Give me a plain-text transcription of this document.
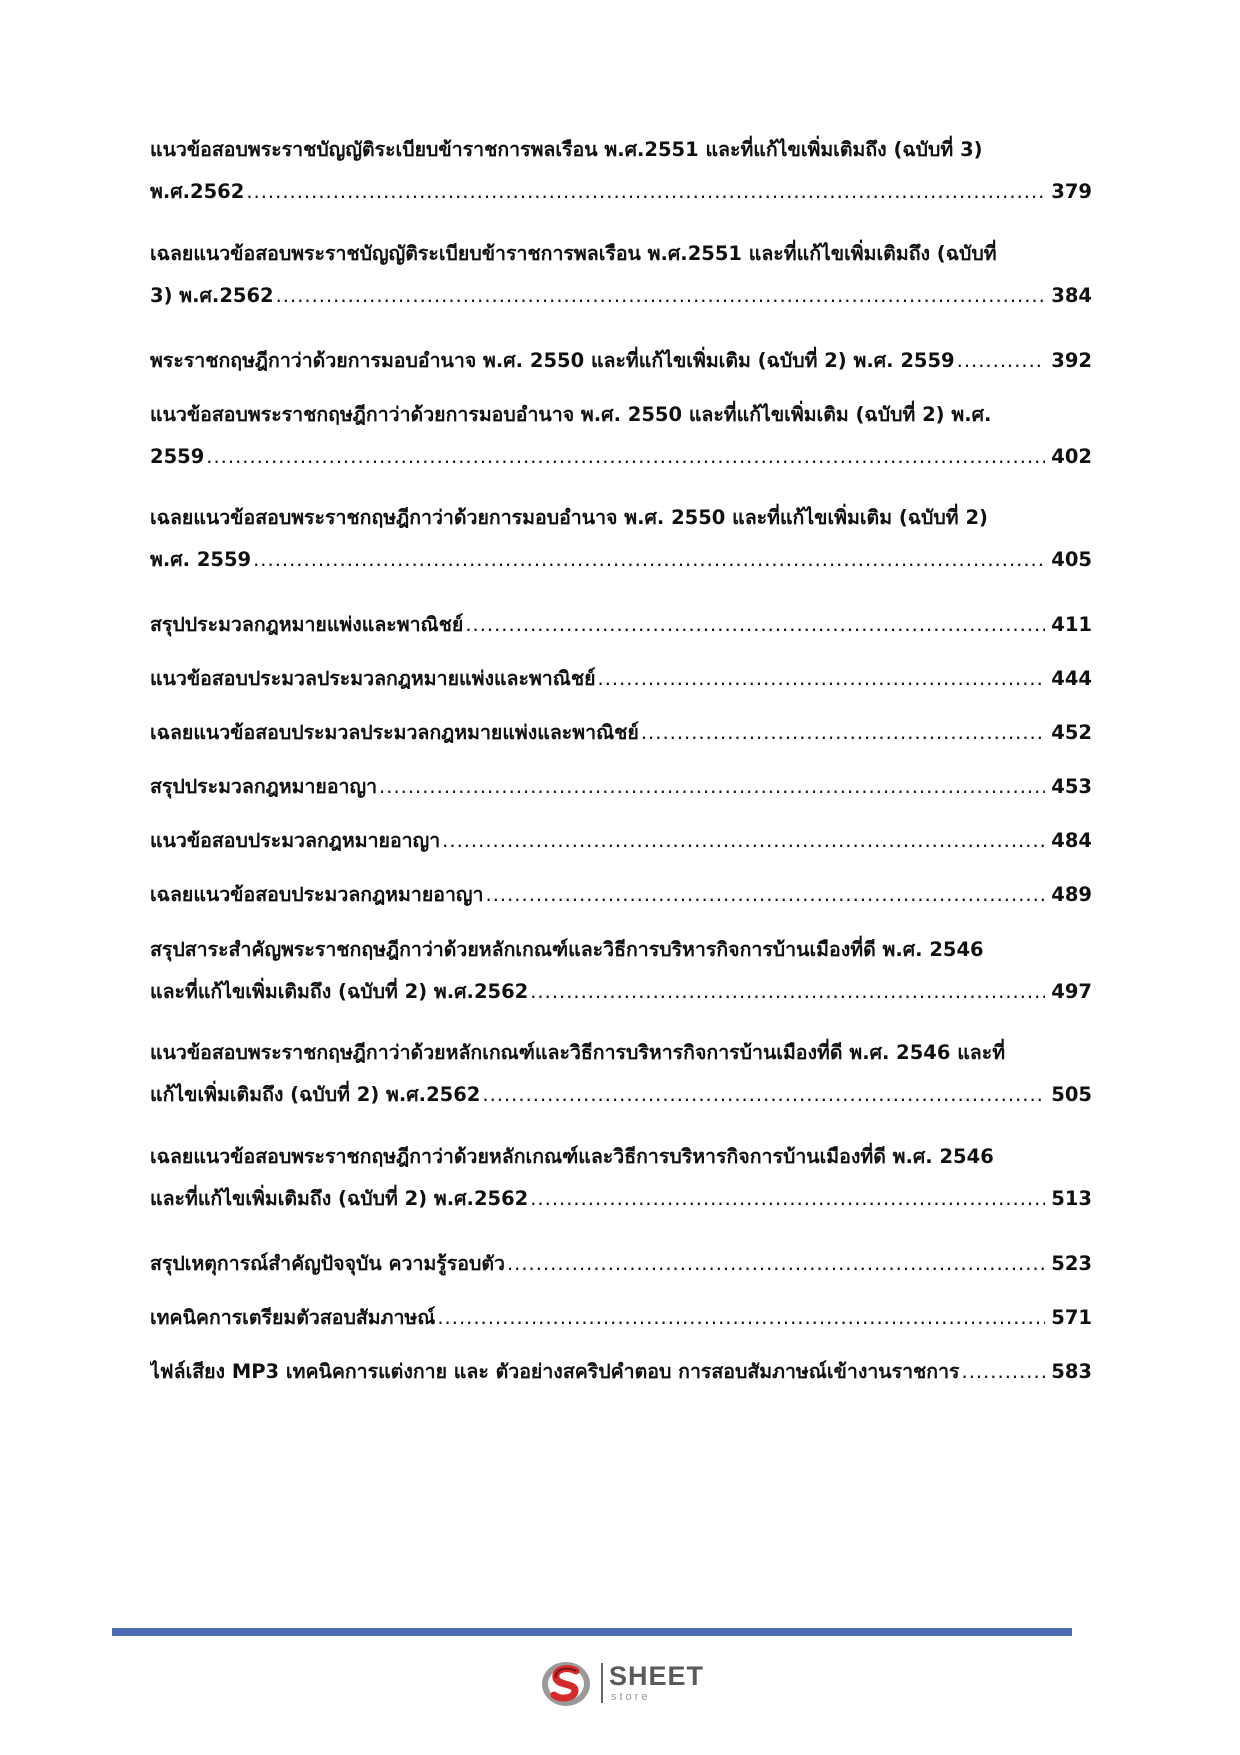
แนวข้อสอบพระราชบัญญัติระเบียบข้าราชการพลเรือน พ.ศ.2551 และที่แก้ไขเพิ่มเติมถึง (ฉบับที่ 3)
พ.ศ.2562 .....	379
เฉลยแนวข้อสอบพระราชบัญญัติระเบียบข้าราชการพลเรือน พ.ศ.2551 และที่แก้ไขเพิ่มเติมถึง (ฉบับที่
3) พ.ศ.2562 .....	384
พระราชกฤษฎีกาว่าด้วยการมอบอำนาจ พ.ศ. 2550 และที่แก้ไขเพิ่มเติม (ฉบับที่ 2) พ.ศ. 2559 .....	392
แนวข้อสอบพระราชกฤษฎีกาว่าด้วยการมอบอำนาจ พ.ศ. 2550 และที่แก้ไขเพิ่มเติม (ฉบับที่ 2) พ.ศ.
2559 .....	402
เฉลยแนวข้อสอบพระราชกฤษฎีกาว่าด้วยการมอบอำนาจ พ.ศ. 2550 และที่แก้ไขเพิ่มเติม (ฉบับที่ 2)
พ.ศ. 2559 .....	405
สรุปประมวลกฎหมายแพ่งและพาณิชย์ .....	411
แนวข้อสอบประมวลประมวลกฎหมายแพ่งและพาณิชย์ .....	444
เฉลยแนวข้อสอบประมวลประมวลกฎหมายแพ่งและพาณิชย์ .....	452
สรุปประมวลกฎหมายอาญา .....	453
แนวข้อสอบประมวลกฎหมายอาญา .....	484
เฉลยแนวข้อสอบประมวลกฎหมายอาญา .....	489
สรุปสาระสำคัญพระราชกฤษฎีกาว่าด้วยหลักเกณฑ์และวิธีการบริหารกิจการบ้านเมืองที่ดี พ.ศ. 2546
และที่แก้ไขเพิ่มเติมถึง (ฉบับที่ 2) พ.ศ.2562 .....	497
แนวข้อสอบพระราชกฤษฎีกาว่าด้วยหลักเกณฑ์และวิธีการบริหารกิจการบ้านเมืองที่ดี พ.ศ. 2546 และที่
แก้ไขเพิ่มเติมถึง (ฉบับที่ 2) พ.ศ.2562 .....	505
เฉลยแนวข้อสอบพระราชกฤษฎีกาว่าด้วยหลักเกณฑ์และวิธีการบริหารกิจการบ้านเมืองที่ดี พ.ศ. 2546
และที่แก้ไขเพิ่มเติมถึง (ฉบับที่ 2) พ.ศ.2562 .....	513
สรุปเหตุการณ์สำคัญปัจจุบัน ความรู้รอบตัว .....	523
เทคนิคการเตรียมตัวสอบสัมภาษณ์ .....	571
ไฟล์เสียง MP3 เทคนิคการแต่งกาย และ ตัวอย่างสคริปคำตอบ การสอบสัมภาษณ์เข้างานราชการ .....	583
SHEET
store
